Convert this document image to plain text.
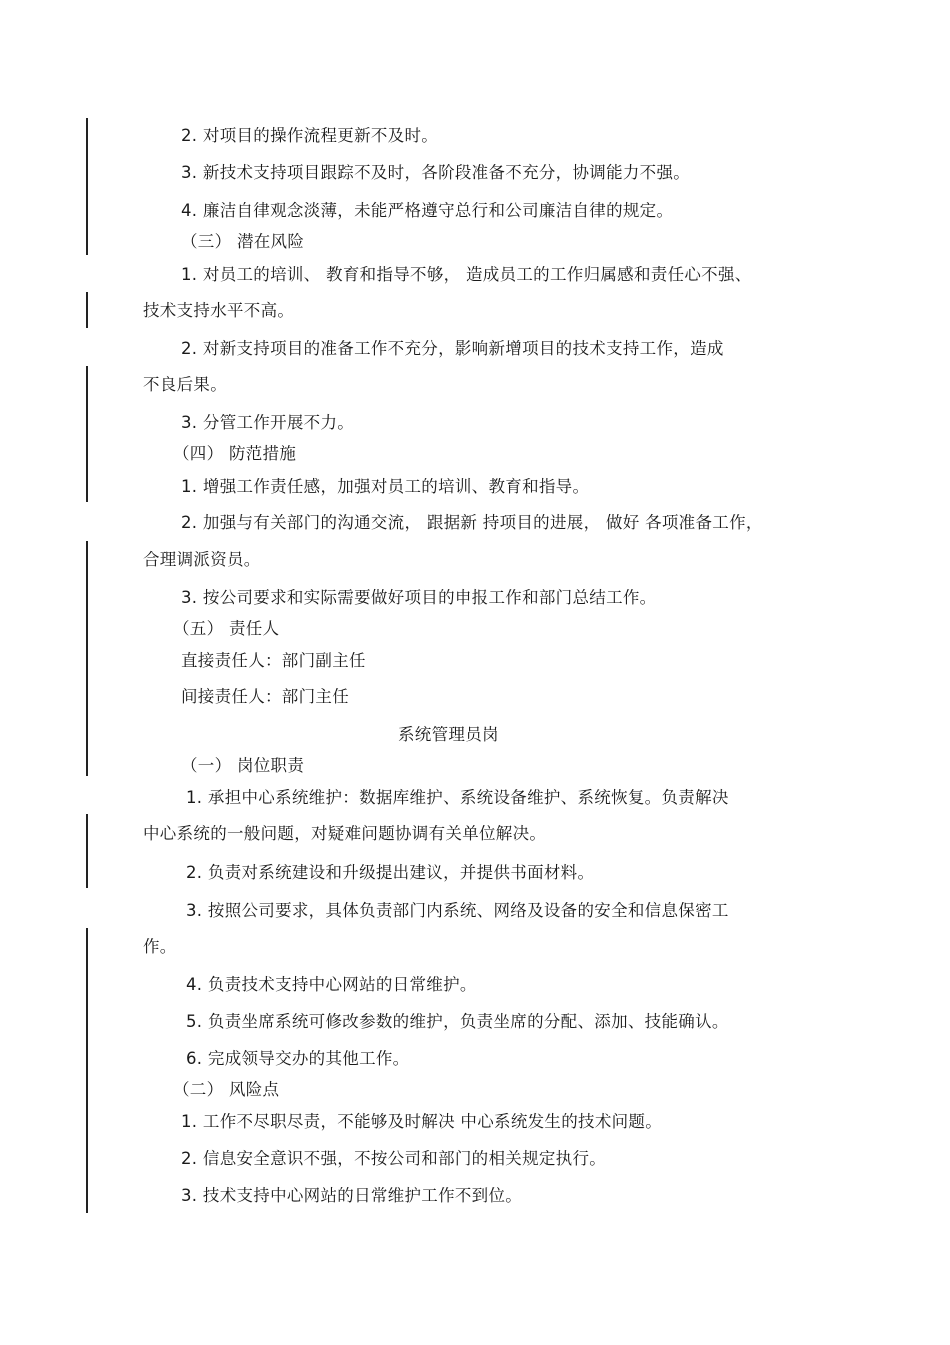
2. 对项目的操作流程更新不及时。
3. 新技术支持项目跟踪不及时，各阶段准备不充分，协调能力不强。
4. 廉洁自律观念淡薄，未能严格遵守总行和公司廉洁自律的规定。
（三） 潜在风险
1. 对员工的培训、 教育和指导不够， 造成员工的工作归属感和责任心不强、
技术支持水平不高。
2. 对新支持项目的准备工作不充分，影响新增项目的技术支持工作，造成
不良后果。
3. 分管工作开展不力。
（四） 防范措施
1. 增强工作责任感，加强对员工的培训、教育和指导。
2. 加强与有关部门的沟通交流， 跟据新 持项目的进展， 做好 各项准备工作，
合理调派资员。
3. 按公司要求和实际需要做好项目的申报工作和部门总结工作。
（五） 责任人
直接责任人：部门副主任
间接责任人：部门主任
系统管理员岗
（一） 岗位职责
1. 承担中心系统维护：数据库维护、系统设备维护、系统恢复。负责解决
中心系统的一般问题，对疑难问题协调有关单位解决。
2. 负责对系统建设和升级提出建议，并提供书面材料。
3. 按照公司要求，具体负责部门内系统、网络及设备的安全和信息保密工
作。
4. 负责技术支持中心网站的日常维护。
5. 负责坐席系统可修改参数的维护，负责坐席的分配、添加、技能确认。
6. 完成领导交办的其他工作。
（二） 风险点
1. 工作不尽职尽责，不能够及时解决 中心系统发生的技术问题。
2. 信息安全意识不强，不按公司和部门的相关规定执行。
3. 技术支持中心网站的日常维护工作不到位。
